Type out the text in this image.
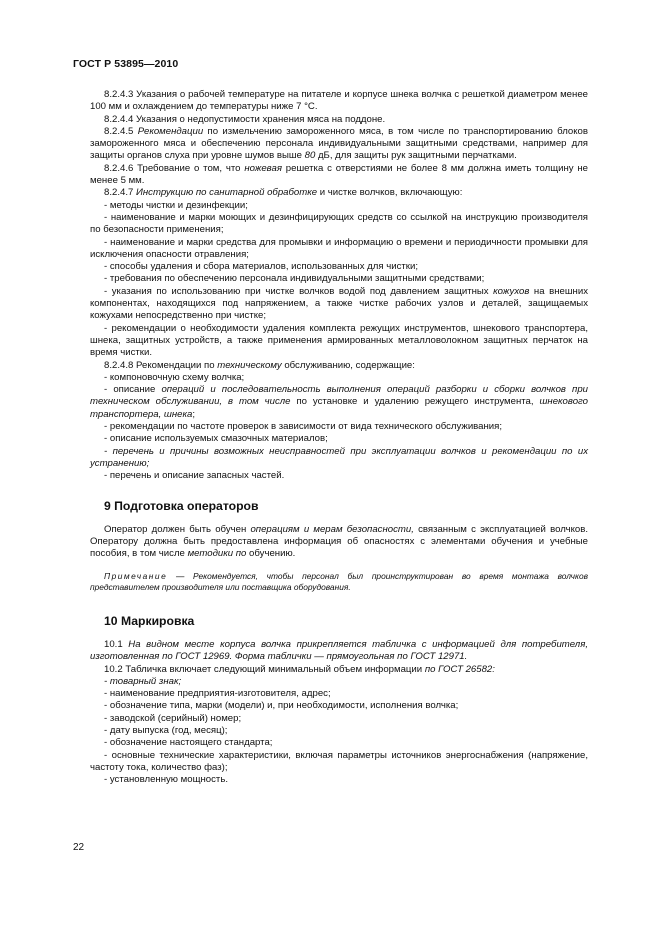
ГОСТ Р 53895—2010

8.2.4.3 Указания о рабочей температуре на питателе и корпусе шнека волчка с решеткой диаметром менее 100 мм и охлаждением до температуры ниже 7 °С.

8.2.4.4 Указания о недопустимости хранения мяса на поддоне.

8.2.4.5 Рекомендации по измельчению замороженного мяса, в том числе по транспортированию блоков замороженного мяса и обеспечению персонала индивидуальными защитными средствами, например для защиты органов слуха при уровне шумов выше 80 дБ, для защиты рук защитными перчатками.

8.2.4.6 Требование о том, что ножевая решетка с отверстиями не более 8 мм должна иметь толщину не менее 5 мм.

8.2.4.7 Инструкцию по санитарной обработке и чистке волчков, включающую:

- методы чистки и дезинфекции;

- наименование и марки моющих и дезинфицирующих средств со ссылкой на инструкцию производителя по безопасности применения;

- наименование и марки средства для промывки и информацию о времени и периодичности промывки для исключения опасности отравления;

- способы удаления и сбора материалов, использованных для чистки;

- требования по обеспечению персонала индивидуальными защитными средствами;

- указания по использованию при чистке волчков водой под давлением защитных кожухов на внешних компонентах, находящихся под напряжением, а также чистке рабочих узлов и деталей, защищаемых кожухами непосредственно при чистке;

- рекомендации о необходимости удаления комплекта режущих инструментов, шнекового транспортера, шнека, защитных устройств, а также применения армированных металловолокном защитных перчаток на время чистки.

8.2.4.8 Рекомендации по техническому обслуживанию, содержащие:

- компоновочную схему волчка;

- описание операций и последовательность выполнения операций разборки и сборки волчков при техническом обслуживании, в том числе по установке и удалению режущего инструмента, шнекового транспортера, шнека;

- рекомендации по частоте проверок в зависимости от вида технического обслуживания;

- описание используемых смазочных материалов;

- перечень и причины возможных неисправностей при эксплуатации волчков и рекомендации по их устранению;

- перечень и описание запасных частей.

9 Подготовка операторов

Оператор должен быть обучен операциям и мерам безопасности, связанным с эксплуатацией волчков. Оператору должна быть предоставлена информация об опасностях с элементами обучения и учебные пособия, в том числе методики по обучению.

Примечание — Рекомендуется, чтобы персонал был проинструктирован во время монтажа волчков представителем производителя или поставщика оборудования.

10 Маркировка

10.1 На видном месте корпуса волчка прикрепляется табличка с информацией для потребителя, изготовленная по ГОСТ 12969. Форма таблички — прямоугольная по ГОСТ 12971.

10.2 Табличка включает следующий минимальный объем информации по ГОСТ 26582:

- товарный знак;

- наименование предприятия-изготовителя, адрес;

- обозначение типа, марки (модели) и, при необходимости, исполнения волчка;

- заводской (серийный) номер;

- дату выпуска (год, месяц);

- обозначение настоящего стандарта;

- основные технические характеристики, включая параметры источников энергоснабжения (напряжение, частоту тока, количество фаз);

- установленную мощность.

22
